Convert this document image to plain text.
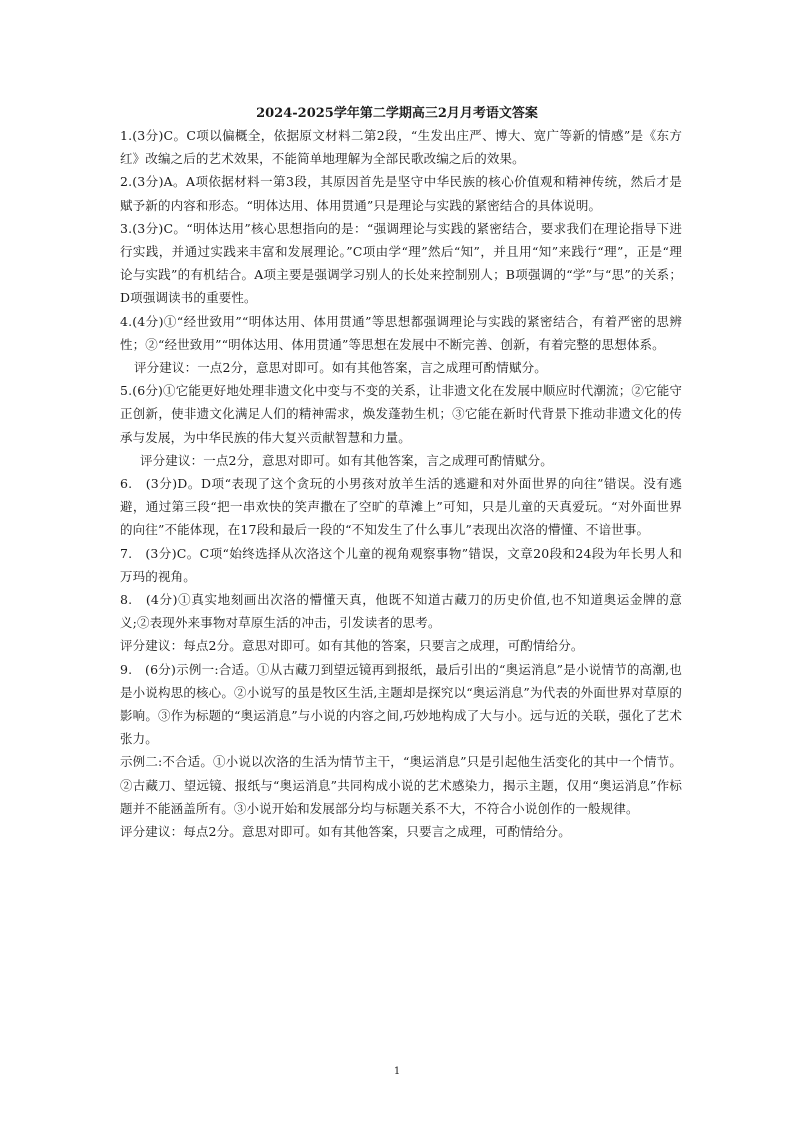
2024-2025学年第二学期高三2月月考语文答案

1.(3分)C。C项以偏概全，依据原文材料二第2段，“生发出庄严、博大、宽广等新的情感”是《东方红》改编之后的艺术效果，不能简单地理解为全部民歌改编之后的效果。

2.(3分)A。A项依据材料一第3段，其原因首先是坚守中华民族的核心价值观和精神传统，然后才是赋予新的内容和形态。“明体达用、体用贯通”只是理论与实践的紧密结合的具体说明。

3.(3分)C。“明体达用”核心思想指向的是：“强调理论与实践的紧密结合，要求我们在理论指导下进行实践，并通过实践来丰富和发展理论。”C项由学“理”然后“知”，并且用“知”来践行“理”，正是“理论与实践”的有机结合。A项主要是强调学习别人的长处来控制别人；B项强调的“学”与“思”的关系；D项强调读书的重要性。

4.(4分)①“经世致用”“明体达用、体用贯通”等思想都强调理论与实践的紧密结合，有着严密的思辨性；②“经世致用”“明体达用、体用贯通”等思想在发展中不断完善、创新，有着完整的思想体系。

评分建议：一点2分，意思对即可。如有其他答案，言之成理可酌情赋分。

5.(6分)①它能更好地处理非遗文化中变与不变的关系，让非遗文化在发展中顺应时代潮流；②它能守正创新，使非遗文化满足人们的精神需求，焕发蓬勃生机；③它能在新时代背景下推动非遗文化的传承与发展，为中华民族的伟大复兴贡献智慧和力量。

评分建议：一点2分，意思对即可。如有其他答案，言之成理可酌情赋分。

6.　(3分)D。D项“表现了这个贪玩的小男孩对放羊生活的逃避和对外面世界的向往”错误。没有逃避，通过第三段“把一串欢快的笑声撒在了空旷的草滩上”可知，只是儿童的天真爱玩。“对外面世界的向往”不能体现，在17段和最后一段的“不知发生了什么事儿”表现出次洛的懵懂、不谙世事。

7.　(3分)C。C项“始终选择从次洛这个儿童的视角观察事物”错误，文章20段和24段为年长男人和万玛的视角。

8.　(4分)①真实地刻画出次洛的懵懂天真，他既不知道古藏刀的历史价值,也不知道奥运金牌的意义;②表现外来事物对草原生活的冲击，引发读者的思考。

评分建议：每点2分。意思对即可。如有其他的答案，只要言之成理，可酌情给分。

9.　(6分)示例一:合适。①从古藏刀到望远镜再到报纸，最后引出的“奥运消息”是小说情节的高潮,也是小说构思的核心。②小说写的虽是牧区生活,主题却是探究以“奥运消息”为代表的外面世界对草原的影响。③作为标题的“奥运消息”与小说的内容之间,巧妙地构成了大与小。远与近的关联，强化了艺术张力。

示例二:不合适。①小说以次洛的生活为情节主干，“奥运消息”只是引起他生活变化的其中一个情节。②古藏刀、望远镜、报纸与“奥运消息”共同构成小说的艺术感染力，揭示主题，仅用“奥运消息”作标题并不能涵盖所有。③小说开始和发展部分均与标题关系不大，不符合小说创作的一般规律。

评分建议：每点2分。意思对即可。如有其他答案，只要言之成理，可酌情给分。

1
